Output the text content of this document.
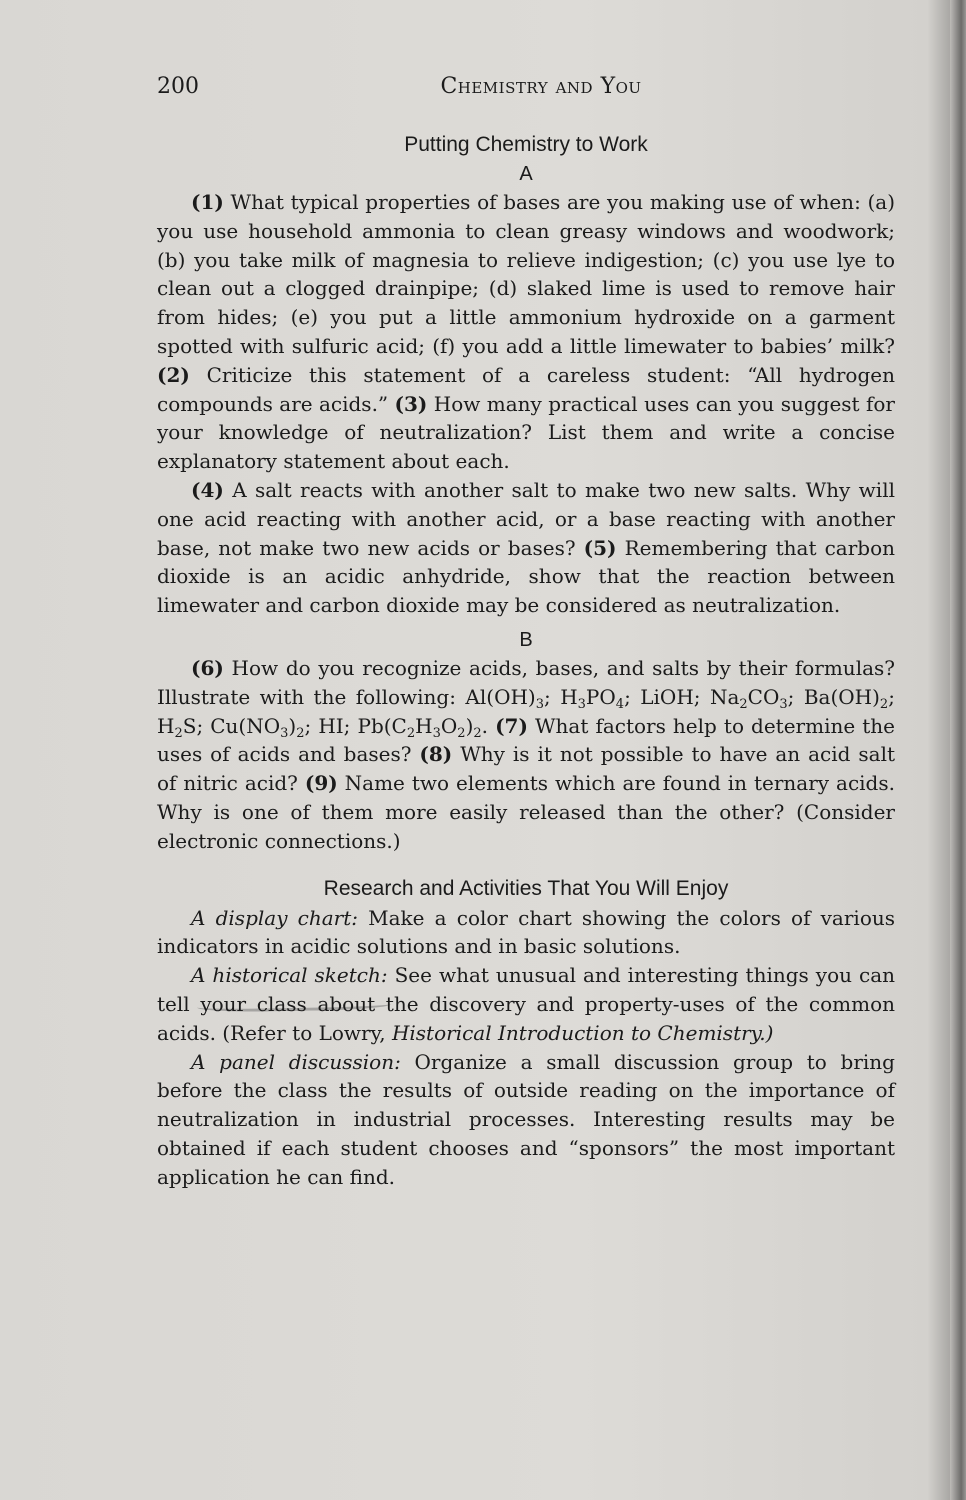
200	Chemistry and You
Putting Chemistry to Work
A

(1) What typical properties of bases are you making use of when: (a) you use household ammonia to clean greasy windows and woodwork; (b) you take milk of magnesia to relieve indigestion; (c) you use lye to clean out a clogged drainpipe; (d) slaked lime is used to remove hair from hides; (e) you put a little ammonium hydroxide on a garment spotted with sulfuric acid; (f) you add a little limewater to babies’ milk? (2) Criticize this statement of a careless student: “All hydrogen compounds are acids.” (3) How many practical uses can you suggest for your knowledge of neutralization? List them and write a concise explanatory statement about each.

(4) A salt reacts with another salt to make two new salts. Why will one acid reacting with another acid, or a base reacting with another base, not make two new acids or bases? (5) Remembering that carbon dioxide is an acidic anhydride, show that the reaction between limewater and carbon dioxide may be considered as neutralization.

B

(6) How do you recognize acids, bases, and salts by their formulas? Illustrate with the following: $Al(OH)_3$; $H_3PO_4$; LiOH; $Na_2CO_3$; $Ba(OH)_2$; $H_2S$; $Cu(NO_3)_2$; HI; $Pb(C_2H_3O_2)_2$. (7) What factors help to determine the uses of acids and bases? (8) Why is it not possible to have an acid salt of nitric acid? (9) Name two elements which are found in ternary acids. Why is one of them more easily released than the other? (Consider electronic connections.)

Research and Activities That You Will Enjoy

A display chart: Make a color chart showing the colors of various indicators in acidic solutions and in basic solutions.

A historical sketch: See what unusual and interesting things you can tell your class about the discovery and property-uses of the common acids. (Refer to Lowry, Historical Introduction to Chemistry.)

A panel discussion: Organize a small discussion group to bring before the class the results of outside reading on the importance of neutralization in industrial processes. Interesting results may be obtained if each student chooses and “sponsors” the most important application he can find.
